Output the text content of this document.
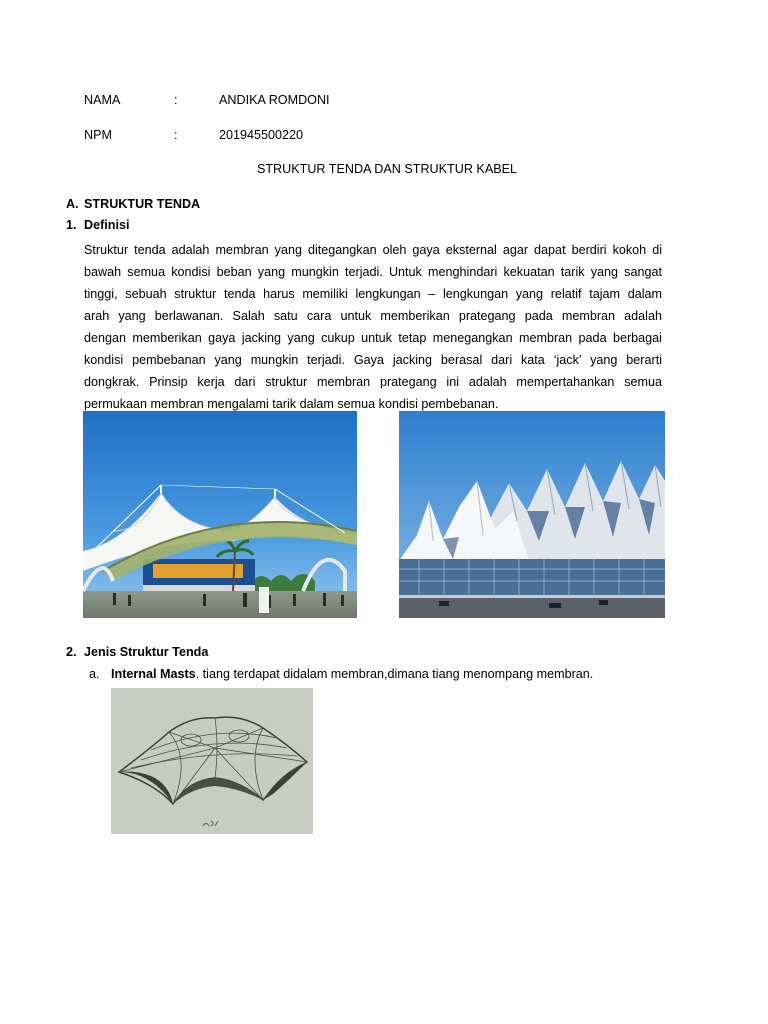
NAMA	:	ANDIKA ROMDONI
NPM	:	201945500220
STRUKTUR TENDA DAN STRUKTUR KABEL
A. STRUKTUR TENDA
1. Definisi
Struktur tenda adalah membran yang ditegangkan oleh gaya eksternal agar dapat berdiri kokoh di
bawah semua kondisi beban yang mungkin terjadi. Untuk menghindari kekuatan tarik yang sangat
tinggi, sebuah struktur tenda harus memiliki lengkungan – lengkungan yang relatif tajam dalam
arah yang berlawanan. Salah satu cara untuk memberikan prategang pada membran adalah
dengan memberikan gaya jacking yang cukup untuk tetap menegangkan membran pada berbagai
kondisi pembebanan yang mungkin terjadi. Gaya jacking berasal dari kata ‘jack’ yang berarti
dongkrak. Prinsip kerja dari struktur membran prategang ini adalah mempertahankan semua
permukaan membran mengalami tarik dalam semua kondisi pembebanan.
2. Jenis Struktur Tenda
a. Internal Masts. tiang terdapat didalam membran,dimana tiang menompang membran.
